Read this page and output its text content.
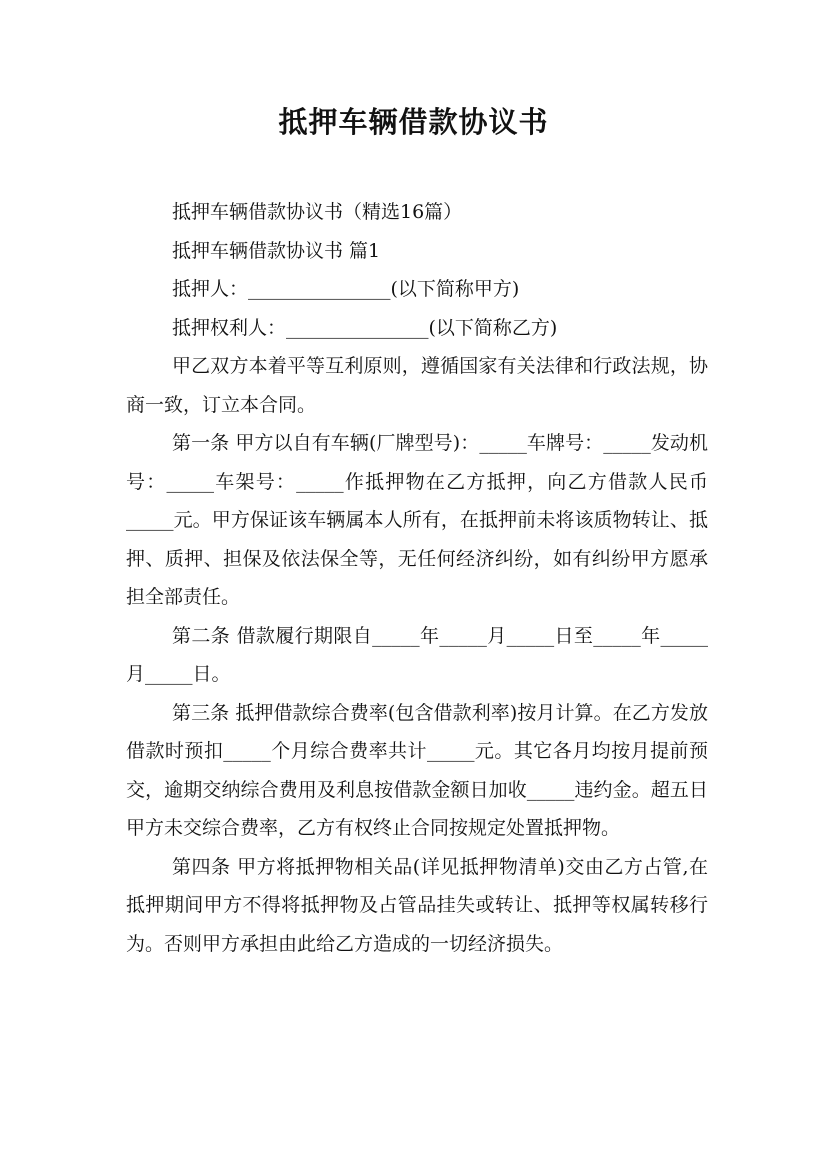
抵押车辆借款协议书

抵押车辆借款协议书（精选16篇）

抵押车辆借款协议书 篇1

抵押人：_______________(以下简称甲方)

抵押权利人：_______________(以下简称乙方)

甲乙双方本着平等互利原则，遵循国家有关法律和行政法规，协商一致，订立本合同。

第一条 甲方以自有车辆(厂牌型号)：_____车牌号：_____发动机号：_____车架号：_____作抵押物在乙方抵押，向乙方借款人民币_____元。甲方保证该车辆属本人所有，在抵押前未将该质物转让、抵押、质押、担保及依法保全等，无任何经济纠纷，如有纠纷甲方愿承担全部责任。

第二条 借款履行期限自_____年_____月_____日至_____年_____月_____日。

第三条 抵押借款综合费率(包含借款利率)按月计算。在乙方发放借款时预扣_____个月综合费率共计_____元。其它各月均按月提前预交，逾期交纳综合费用及利息按借款金额日加收_____违约金。超五日甲方未交综合费率，乙方有权终止合同按规定处置抵押物。

第四条 甲方将抵押物相关品(详见抵押物清单)交由乙方占管,在抵押期间甲方不得将抵押物及占管品挂失或转让、抵押等权属转移行为。否则甲方承担由此给乙方造成的一切经济损失。
